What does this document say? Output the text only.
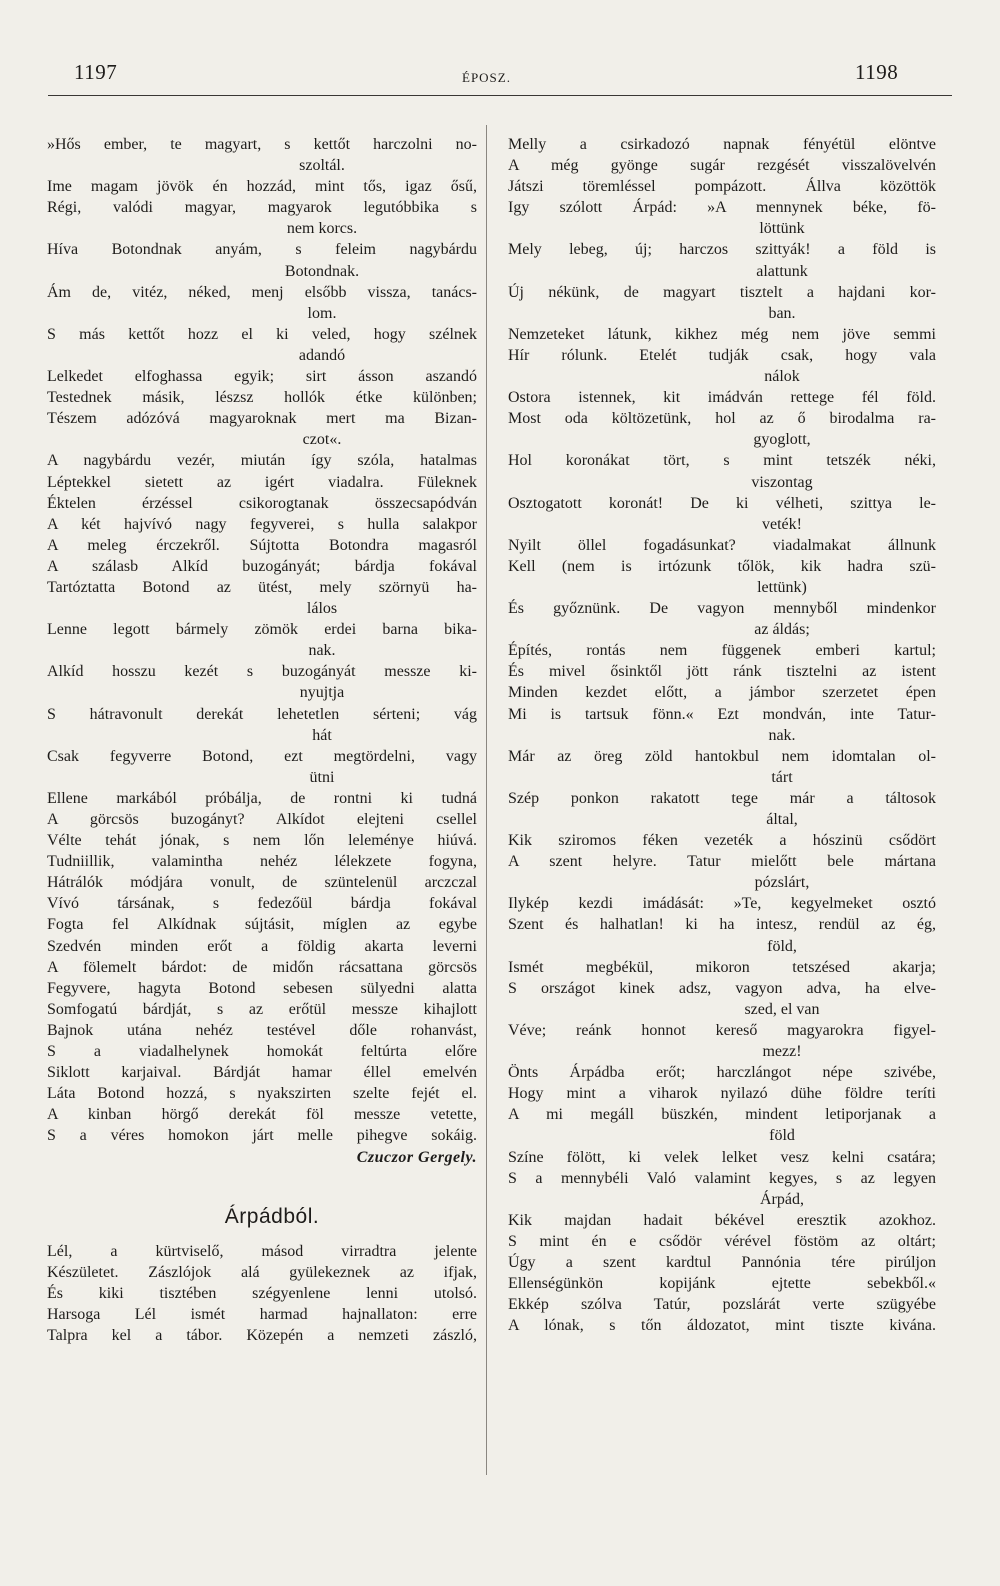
1197	ÉPOSZ.	1198
»Hős ember, te magyart, s kettőt harczolni no-
szoltál.
Ime magam jövök én hozzád, mint tős, igaz ősű,
Régi, valódi magyar, magyarok legutóbbika s
nem korcs.
Híva Botondnak anyám, s feleim nagybárdu
Botondnak.
Ám de, vitéz, néked, menj elsőbb vissza, tanács-
lom.
S más kettőt hozz el ki veled, hogy szélnek
adandó
Lelkedet elfoghassa egyik; sirt ásson aszandó
Testednek másik, lészsz hollók étke különben;
Tészem adózóvá magyaroknak mert ma Bizan-
czot«.
A nagybárdu vezér, miután így szóla, hatalmas
Léptekkel sietett az igért viadalra. Füleknek
Éktelen érzéssel csikorogtanak összecsapódván
A két hajvívó nagy fegyverei, s hulla salakpor
A meleg érczekről. Sújtotta Botondra magasról
A szálasb Alkíd buzogányát; bárdja fokával
Tartóztatta Botond az ütést, mely szörnyü ha-
lálos
Lenne legott bármely zömök erdei barna bika-
nak.
Alkíd hosszu kezét s buzogányát messze ki-
nyujtja
S hátravonult derekát lehetetlen sérteni; vág
hát
Csak fegyverre Botond, ezt megtördelni, vagy
ütni
Ellene markából próbálja, de rontni ki tudná
A görcsös buzogányt? Alkídot elejteni csellel
Vélte tehát jónak, s nem lőn leleménye hiúvá.
Tudniillik, valamintha nehéz lélekzete fogyna,
Hátrálók módjára vonult, de szüntelenül arczczal
Vívó társának, s fedezőül bárdja fokával
Fogta fel Alkídnak sújtásit, míglen az egybe
Szedvén minden erőt a földig akarta leverni
A fölemelt bárdot: de midőn rácsattana görcsös
Fegyvere, hagyta Botond sebesen sülyedni alatta
Somfogatú bárdját, s az erőtül messze kihajlott
Bajnok utána nehéz testével dőle rohanvást,
S a viadalhelynek homokát feltúrta előre
Siklott karjaival. Bárdját hamar éllel emelvén
Láta Botond hozzá, s nyakszirten szelte fejét el.
A kinban hörgő derekát föl messze vetette,
S a véres homokon járt melle pihegve sokáig.
Czuczor Gergely.
Árpádból.
Lél, a kürtviselő, másod virradtra jelente
Készületet. Zászlójok alá gyülekeznek az ifjak,
És kiki tisztében szégyenlene lenni utolsó.
Harsoga Lél ismét harmad hajnallaton: erre
Talpra kel a tábor. Közepén a nemzeti zászló,
Melly a csirkadozó napnak fényétül elöntve
A még gyönge sugár rezgését visszalövelvén
Játszi töremléssel pompázott. Állva közöttök
Igy szólott Árpád: »A mennynek béke, fö-
löttünk
Mely lebeg, új; harczos szittyák! a föld is
alattunk
Új nékünk, de magyart tisztelt a hajdani kor-
ban.
Nemzeteket látunk, kikhez még nem jöve semmi
Hír rólunk. Etelét tudják csak, hogy vala
nálok
Ostora istennek, kit imádván rettege fél föld.
Most oda költözetünk, hol az ő birodalma ra-
gyoglott,
Hol koronákat tört, s mint tetszék néki,
viszontag
Osztogatott koronát! De ki vélheti, szittya le-
veték!
Nyilt öllel fogadásunkat? viadalmakat állnunk
Kell (nem is irtózunk tőlök, kik hadra szü-
lettünk)
És győznünk. De vagyon mennyből mindenkor
az áldás;
Építés, rontás nem függenek emberi kartul;
És mivel ősinktől jött ránk tisztelni az istent
Minden kezdet előtt, a jámbor szerzetet épen
Mi is tartsuk fönn.« Ezt mondván, inte Tatur-
nak.
Már az öreg zöld hantokbul nem idomtalan ol-
tárt
Szép ponkon rakatott tege már a táltosok
által,
Kik sziromos féken vezeték a hószinü csődört
A szent helyre. Tatur mielőtt bele mártana
pózslárt,
Ilykép kezdi imádását: »Te, kegyelmeket osztó
Szent és halhatlan! ki ha intesz, rendül az ég,
föld,
Ismét megbékül, mikoron tetszésed akarja;
S országot kinek adsz, vagyon adva, ha elve-
szed, el van
Véve; reánk honnot kereső magyarokra figyel-
mezz!
Önts Árpádba erőt; harczlángot népe szivébe,
Hogy mint a viharok nyilazó dühe földre teríti
A mi megáll büszkén, mindent letiporjanak a
föld
Színe fölött, ki velek lelket vesz kelni csatára;
S a mennybéli Való valamint kegyes, s az legyen
Árpád,
Kik majdan hadait békével eresztik azokhoz.
S mint én e csődör vérével föstöm az oltárt;
Úgy a szent kardtul Pannónia tére pirúljon
Ellenségünkön kopijánk ejtette sebekből.«
Ekkép szólva Tatúr, pozslárát verte szügyébe
A lónak, s tőn áldozatot, mint tiszte kivána.
